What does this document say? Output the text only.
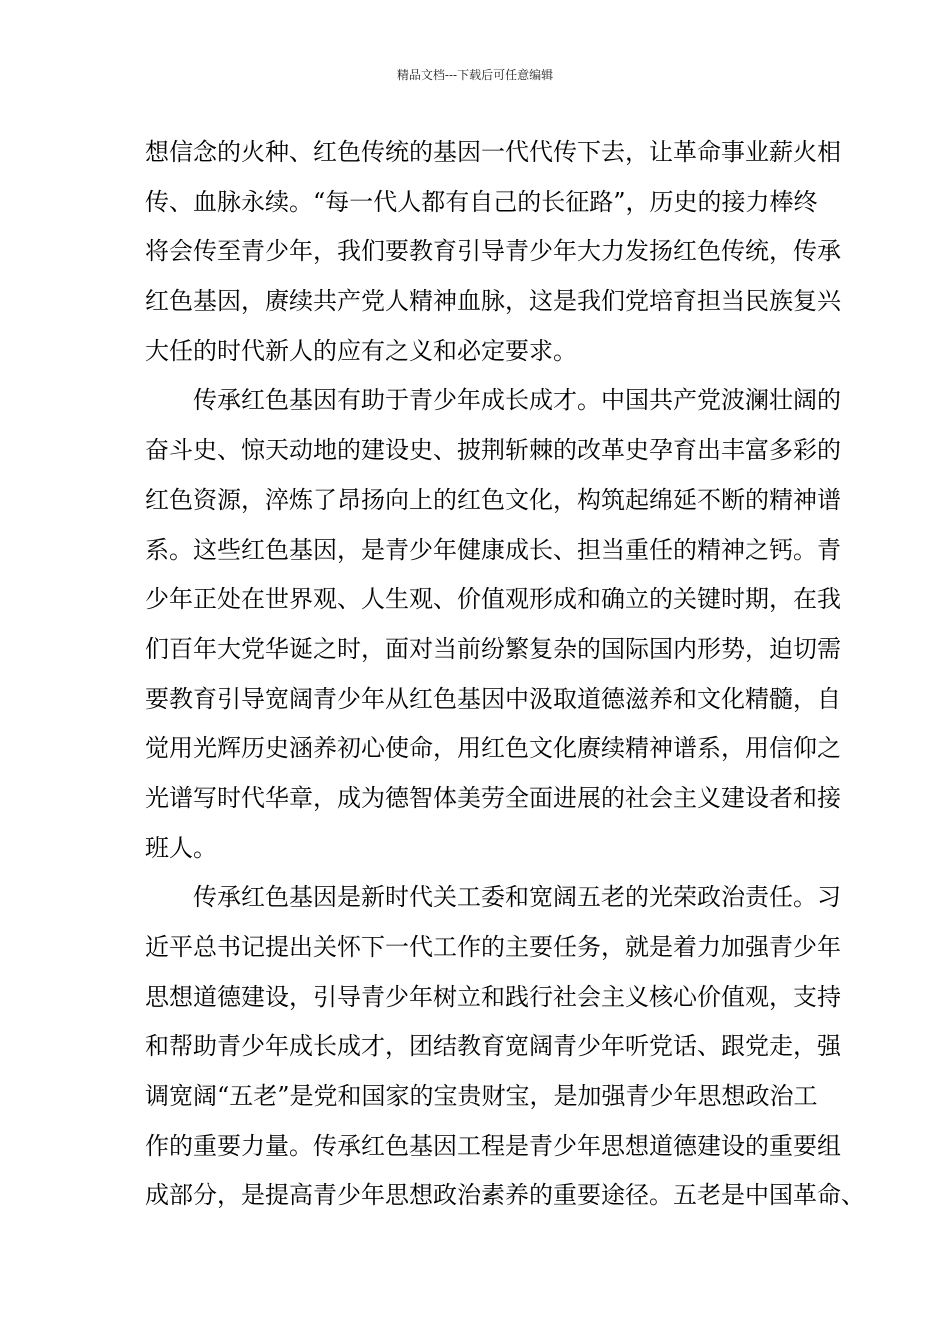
精品文档---下载后可任意编辑
想信念的火种、红色传统的基因一代代传下去，让革命事业薪火相
传、血脉永续。“每一代人都有自己的长征路”，历史的接力棒终
将会传至青少年，我们要教育引导青少年大力发扬红色传统，传承
红色基因，赓续共产党人精神血脉，这是我们党培育担当民族复兴
大任的时代新人的应有之义和必定要求。
传承红色基因有助于青少年成长成才。中国共产党波澜壮阔的
奋斗史、惊天动地的建设史、披荆斩棘的改革史孕育出丰富多彩的
红色资源，淬炼了昂扬向上的红色文化，构筑起绵延不断的精神谱
系。这些红色基因，是青少年健康成长、担当重任的精神之钙。青
少年正处在世界观、人生观、价值观形成和确立的关键时期，在我
们百年大党华诞之时，面对当前纷繁复杂的国际国内形势，迫切需
要教育引导宽阔青少年从红色基因中汲取道德滋养和文化精髓，自
觉用光辉历史涵养初心使命，用红色文化赓续精神谱系，用信仰之
光谱写时代华章，成为德智体美劳全面进展的社会主义建设者和接
班人。
传承红色基因是新时代关工委和宽阔五老的光荣政治责任。习
近平总书记提出关怀下一代工作的主要任务，就是着力加强青少年
思想道德建设，引导青少年树立和践行社会主义核心价值观，支持
和帮助青少年成长成才，团结教育宽阔青少年听党话、跟党走，强
调宽阔“五老”是党和国家的宝贵财宝，是加强青少年思想政治工
作的重要力量。传承红色基因工程是青少年思想道德建设的重要组
成部分，是提高青少年思想政治素养的重要途径。五老是中国革命、
